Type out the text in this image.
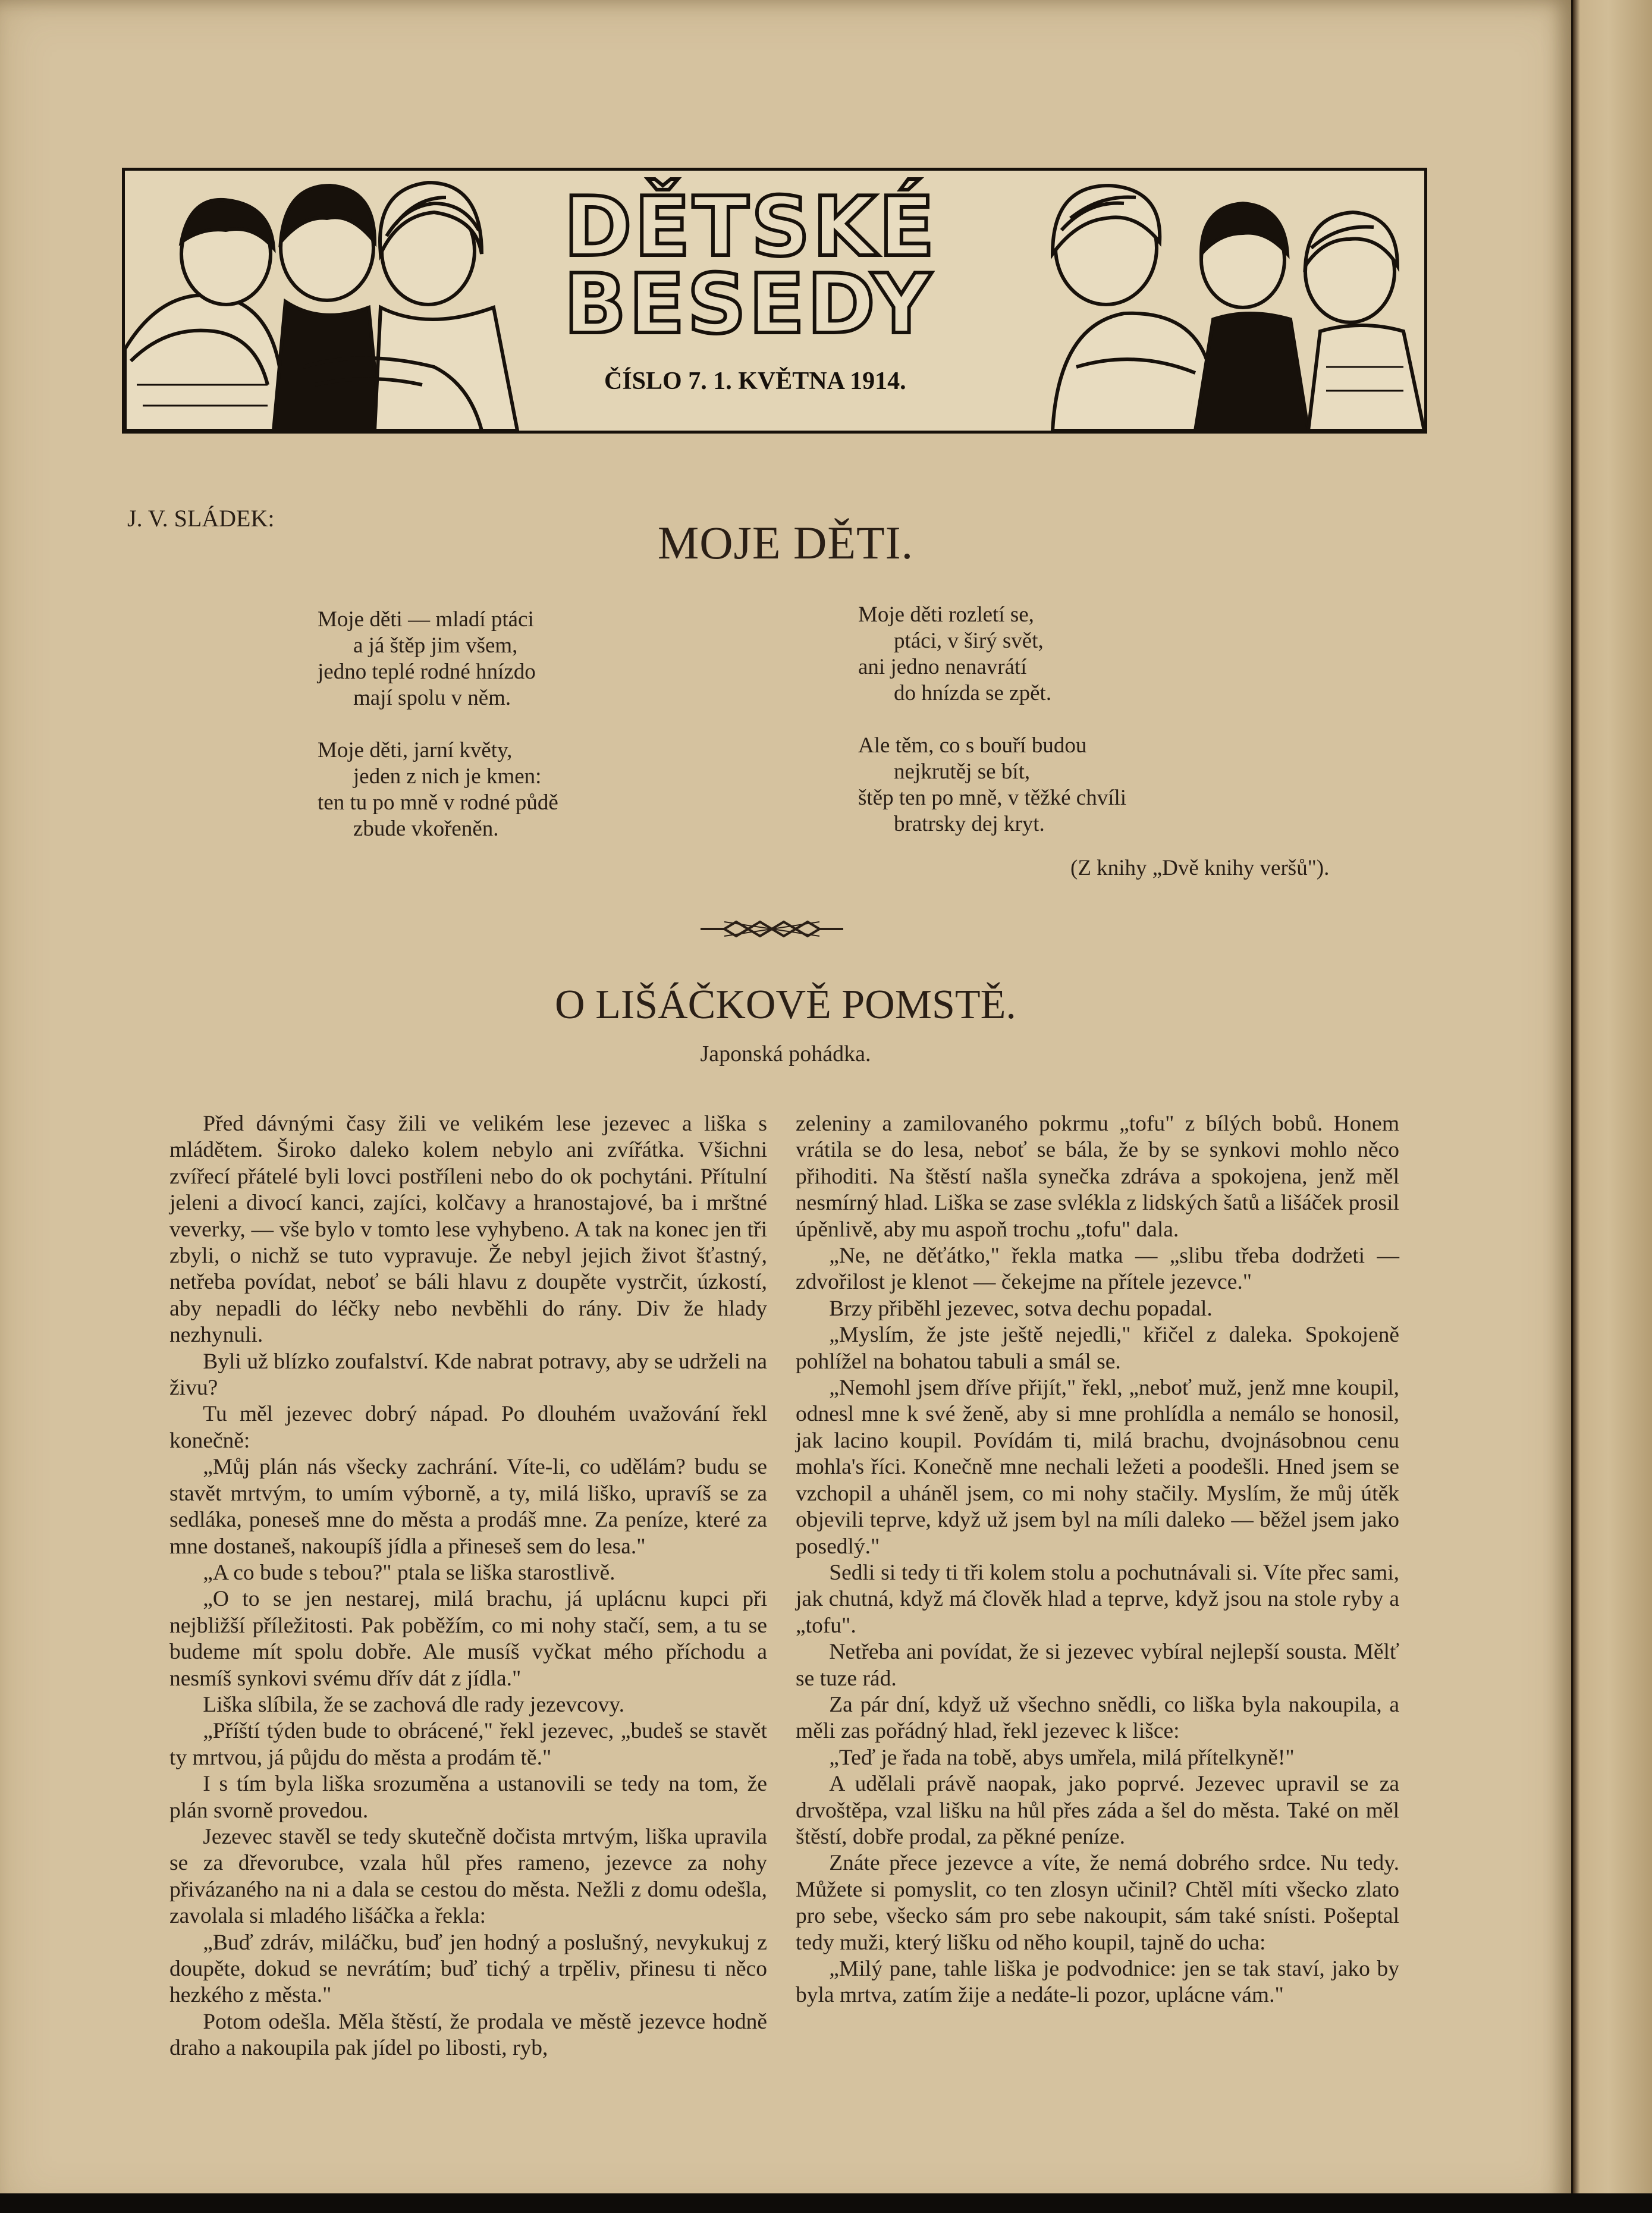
DĚTSKÉ
BESEDY
ČÍSLO 7. 1. KVĚTNA 1914.
J. V. SLÁDEK:	MOJE DĚTI.
Moje děti — mladí ptáci
a já štěp jim všem,
jedno teplé rodné hnízdo
mají spolu v něm.
Moje děti, jarní květy,
jeden z nich je kmen:
ten tu po mně v rodné půdě
zbude vkořeněn.
Moje děti rozletí se,
ptáci, v širý svět,
ani jedno nenavrátí
do hnízda se zpět.
Ale těm, co s bouří budou
nejkrutěj se bít,
štěp ten po mně, v těžké chvíli
bratrsky dej kryt.
(Z knihy „Dvě knihy veršů").
O LIŠÁČKOVĚ POMSTĚ.
Japonská pohádka.

Před dávnými časy žili ve velikém lese jezevec a liška s mládětem. Široko daleko kolem nebylo ani zvířátka. Všichni zvířecí přátelé byli lovci postříleni nebo do ok pochytáni. Přítulní jeleni a divocí kanci, zajíci, kolčavy a hranostajové, ba i mrštné veverky, — vše bylo v tomto lese vyhybeno. A tak na konec jen tři zbyli, o nichž se tuto vypravuje. Že nebyl jejich život šťastný, netřeba povídat, neboť se báli hlavu z doupěte vystrčit, úzkostí, aby nepadli do léčky nebo nevběhli do rány. Div že hlady nezhynuli.

Byli už blízko zoufalství. Kde nabrat potravy, aby se udrželi na živu?

Tu měl jezevec dobrý nápad. Po dlouhém uvažování řekl konečně:

„Můj plán nás všecky zachrání. Víte-li, co udělám? budu se stavět mrtvým, to umím výborně, a ty, milá liško, upravíš se za sedláka, poneseš mne do města a prodáš mne. Za peníze, které za mne dostaneš, nakoupíš jídla a přineseš sem do lesa."

„A co bude s tebou?" ptala se liška starostlivě.

„O to se jen nestarej, milá brachu, já uplácnu kupci při nejbližší příležitosti. Pak poběžím, co mi nohy stačí, sem, a tu se budeme mít spolu dobře. Ale musíš vyčkat mého příchodu a nesmíš synkovi svému dřív dát z jídla."

Liška slíbila, že se zachová dle rady jezevcovy.

„Příští týden bude to obrácené," řekl jezevec, „budeš se stavět ty mrtvou, já půjdu do města a prodám tě."

I s tím byla liška srozuměna a ustanovili se tedy na tom, že plán svorně provedou.

Jezevec stavěl se tedy skutečně dočista mrtvým, liška upravila se za dřevorubce, vzala hůl přes rameno, jezevce za nohy přivázaného na ni a dala se cestou do města. Nežli z domu odešla, zavolala si mladého lišáčka a řekla:

„Buď zdráv, miláčku, buď jen hodný a poslušný, nevykukuj z doupěte, dokud se nevrátím; buď tichý a trpěliv, přinesu ti něco hezkého z města."

Potom odešla. Měla štěstí, že prodala ve městě jezevce hodně draho a nakoupila pak jídel po libosti, ryb,

zeleniny a zamilovaného pokrmu „tofu" z bílých bobů. Honem vrátila se do lesa, neboť se bála, že by se synkovi mohlo něco přihoditi. Na štěstí našla synečka zdráva a spokojena, jenž měl nesmírný hlad. Liška se zase svlékla z lidských šatů a lišáček prosil úpěnlivě, aby mu aspoň trochu „tofu" dala.

„Ne, ne děťátko," řekla matka — „slibu třeba dodržeti — zdvořilost je klenot — čekejme na přítele jezevce."

Brzy přiběhl jezevec, sotva dechu popadal.

„Myslím, že jste ještě nejedli," křičel z daleka. Spokojeně pohlížel na bohatou tabuli a smál se.

„Nemohl jsem dříve přijít," řekl, „neboť muž, jenž mne koupil, odnesl mne k své ženě, aby si mne prohlídla a nemálo se honosil, jak lacino koupil. Povídám ti, milá brachu, dvojnásobnou cenu mohla's říci. Konečně mne nechali ležeti a poodešli. Hned jsem se vzchopil a uháněl jsem, co mi nohy stačily. Myslím, že můj útěk objevili teprve, když už jsem byl na míli daleko — běžel jsem jako posedlý."

Sedli si tedy ti tři kolem stolu a pochutnávali si. Víte přec sami, jak chutná, když má člověk hlad a teprve, když jsou na stole ryby a „tofu".

Netřeba ani povídat, že si jezevec vybíral nejlepší sousta. Mělť se tuze rád.

Za pár dní, když už všechno snědli, co liška byla nakoupila, a měli zas pořádný hlad, řekl jezevec k lišce:

„Teď je řada na tobě, abys umřela, milá přítelkyně!"

A udělali právě naopak, jako poprvé. Jezevec upravil se za drvoštěpa, vzal lišku na hůl přes záda a šel do města. Také on měl štěstí, dobře prodal, za pěkné peníze.

Znáte přece jezevce a víte, že nemá dobrého srdce. Nu tedy. Můžete si pomyslit, co ten zlosyn učinil? Chtěl míti všecko zlato pro sebe, všecko sám pro sebe nakoupit, sám také snísti. Pošeptal tedy muži, který lišku od něho koupil, tajně do ucha:

„Milý pane, tahle liška je podvodnice: jen se tak staví, jako by byla mrtva, zatím žije a nedáte-li pozor, uplácne vám."
